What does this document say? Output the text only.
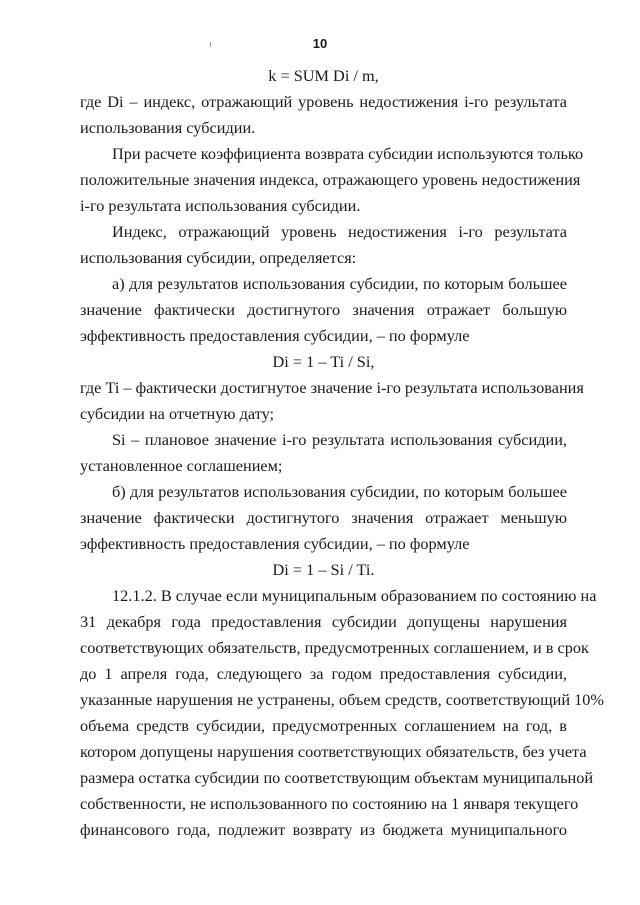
10
k = SUM Di / m,
где Di – индекс, отражающий уровень недостижения i-го результата
использования субсидии.
При расчете коэффициента возврата субсидии используются только
положительные значения индекса, отражающего уровень недостижения
i-го результата использования субсидии.
Индекс, отражающий уровень недостижения i-го результата
использования субсидии, определяется:
а) для результатов использования субсидии, по которым большее
значение фактически достигнутого значения отражает большую
эффективность предоставления субсидии, – по формуле
Di = 1 – Ti / Si,
где Ti – фактически достигнутое значение i-го результата использования
субсидии на отчетную дату;
Si – плановое значение i-го результата использования субсидии,
установленное соглашением;
б) для результатов использования субсидии, по которым большее
значение фактически достигнутого значения отражает меньшую
эффективность предоставления субсидии, – по формуле
Di = 1 – Si / Ti.
12.1.2. В случае если муниципальным образованием по состоянию на
31 декабря года предоставления субсидии допущены нарушения
соответствующих обязательств, предусмотренных соглашением, и в срок
до 1 апреля года, следующего за годом предоставления субсидии,
указанные нарушения не устранены, объем средств, соответствующий 10%
объема средств субсидии, предусмотренных соглашением на год, в
котором допущены нарушения соответствующих обязательств, без учета
размера остатка субсидии по соответствующим объектам муниципальной
собственности, не использованного по состоянию на 1 января текущего
финансового года, подлежит возврату из бюджета муниципального
